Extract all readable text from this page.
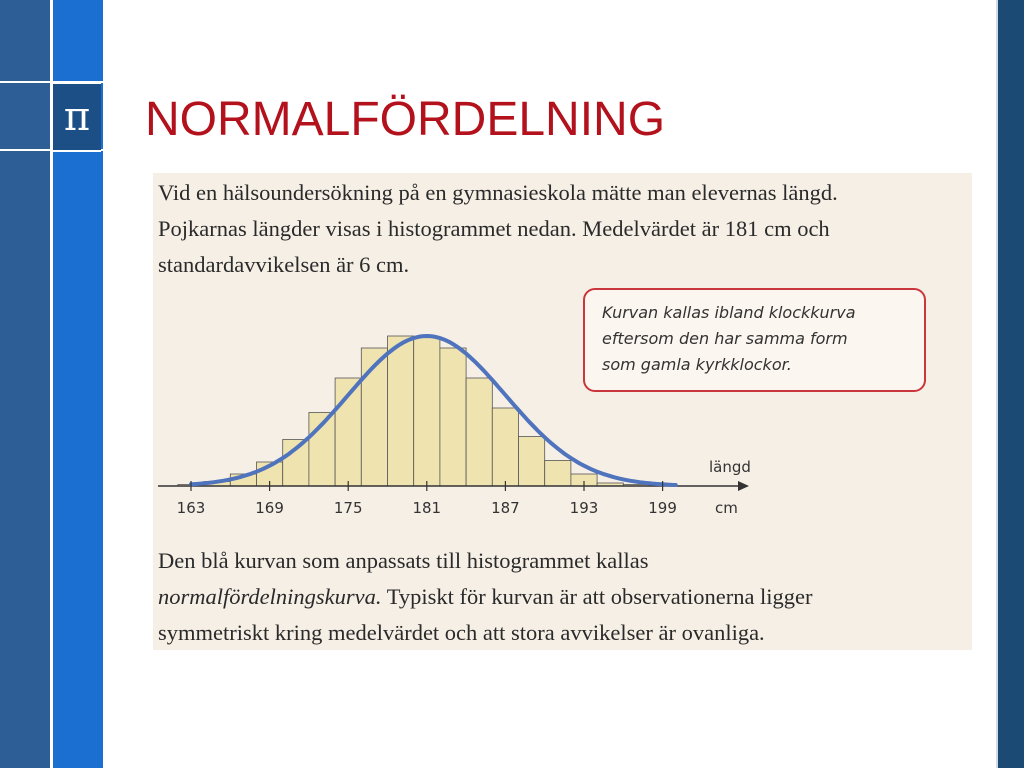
π NORMALFÖRDELNING
Vid en hälsoundersökning på en gymnasieskola mätte man elevernas längd.
Pojkarnas längder visas i histogrammet nedan. Medelvärdet är 181 cm och
standardavvikelsen är 6 cm.
163	169	175	181	187	193	199	cm
längd
Kurvan kallas ibland klockkurva
eftersom den har samma form
som gamla kyrkklockor.
Den blå kurvan som anpassats till histogrammet kallas
normalfördelningskurva. Typiskt för kurvan är att observationerna ligger
symmetriskt kring medelvärdet och att stora avvikelser är ovanliga.
